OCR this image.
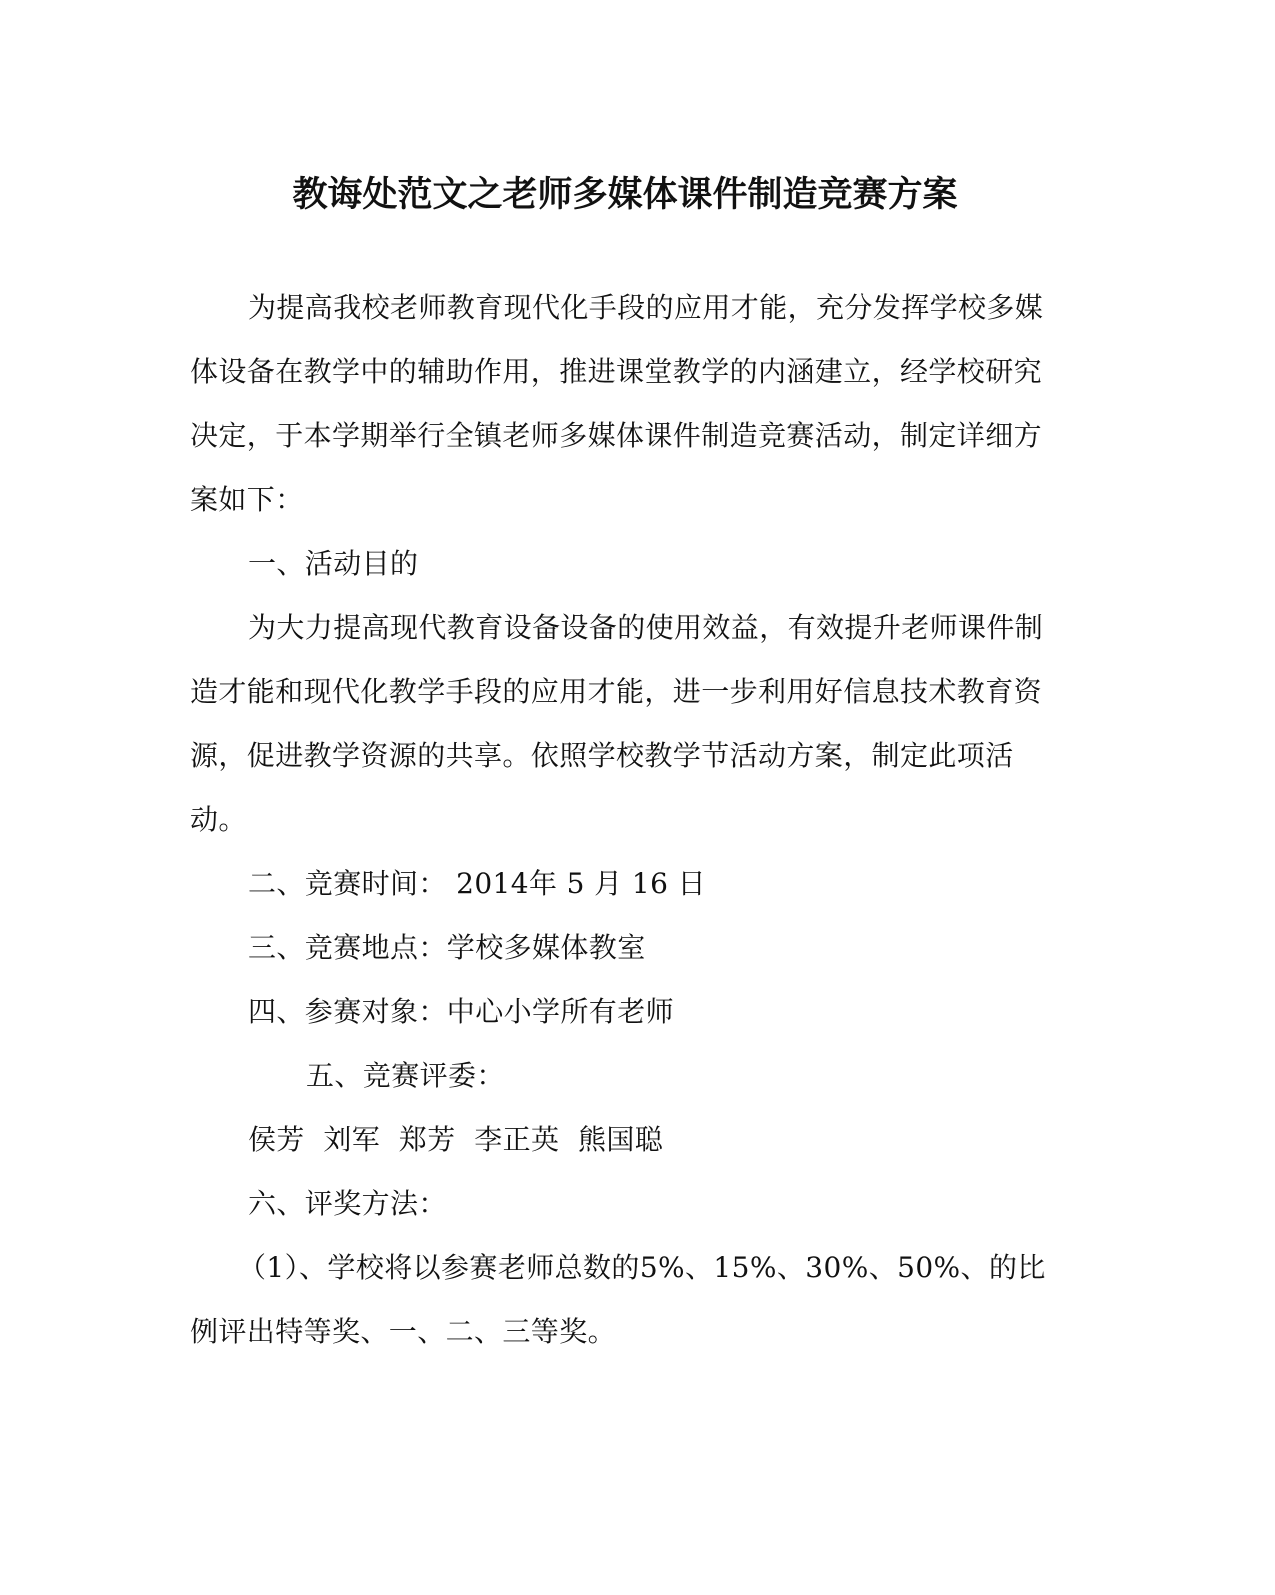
教诲处范文之老师多媒体课件制造竞赛方案

为提高我校老师教育现代化手段的应用才能，充分发挥学校多媒体设备在教学中的辅助作用，推进课堂教学的内涵建立，经学校研究决定，于本学期举行全镇老师多媒体课件制造竞赛活动，制定详细方案如下：

一、活动目的

为大力提高现代教育设备设备的使用效益，有效提升老师课件制造才能和现代化教学手段的应用才能，进一步利用好信息技术教育资源，促进教学资源的共享。依照学校教学节活动方案，制定此项活动。

二、竞赛时间： 2014年 5 月 16 日

三、竞赛地点：学校多媒体教室

四、参赛对象：中心小学所有老师

五、竞赛评委：

侯芳  刘军  郑芳  李正英  熊国聪

六、评奖方法：

（1）、学校将以参赛老师总数的5%、15%、30%、50%、的比例评出特等奖、一、二、三等奖。
